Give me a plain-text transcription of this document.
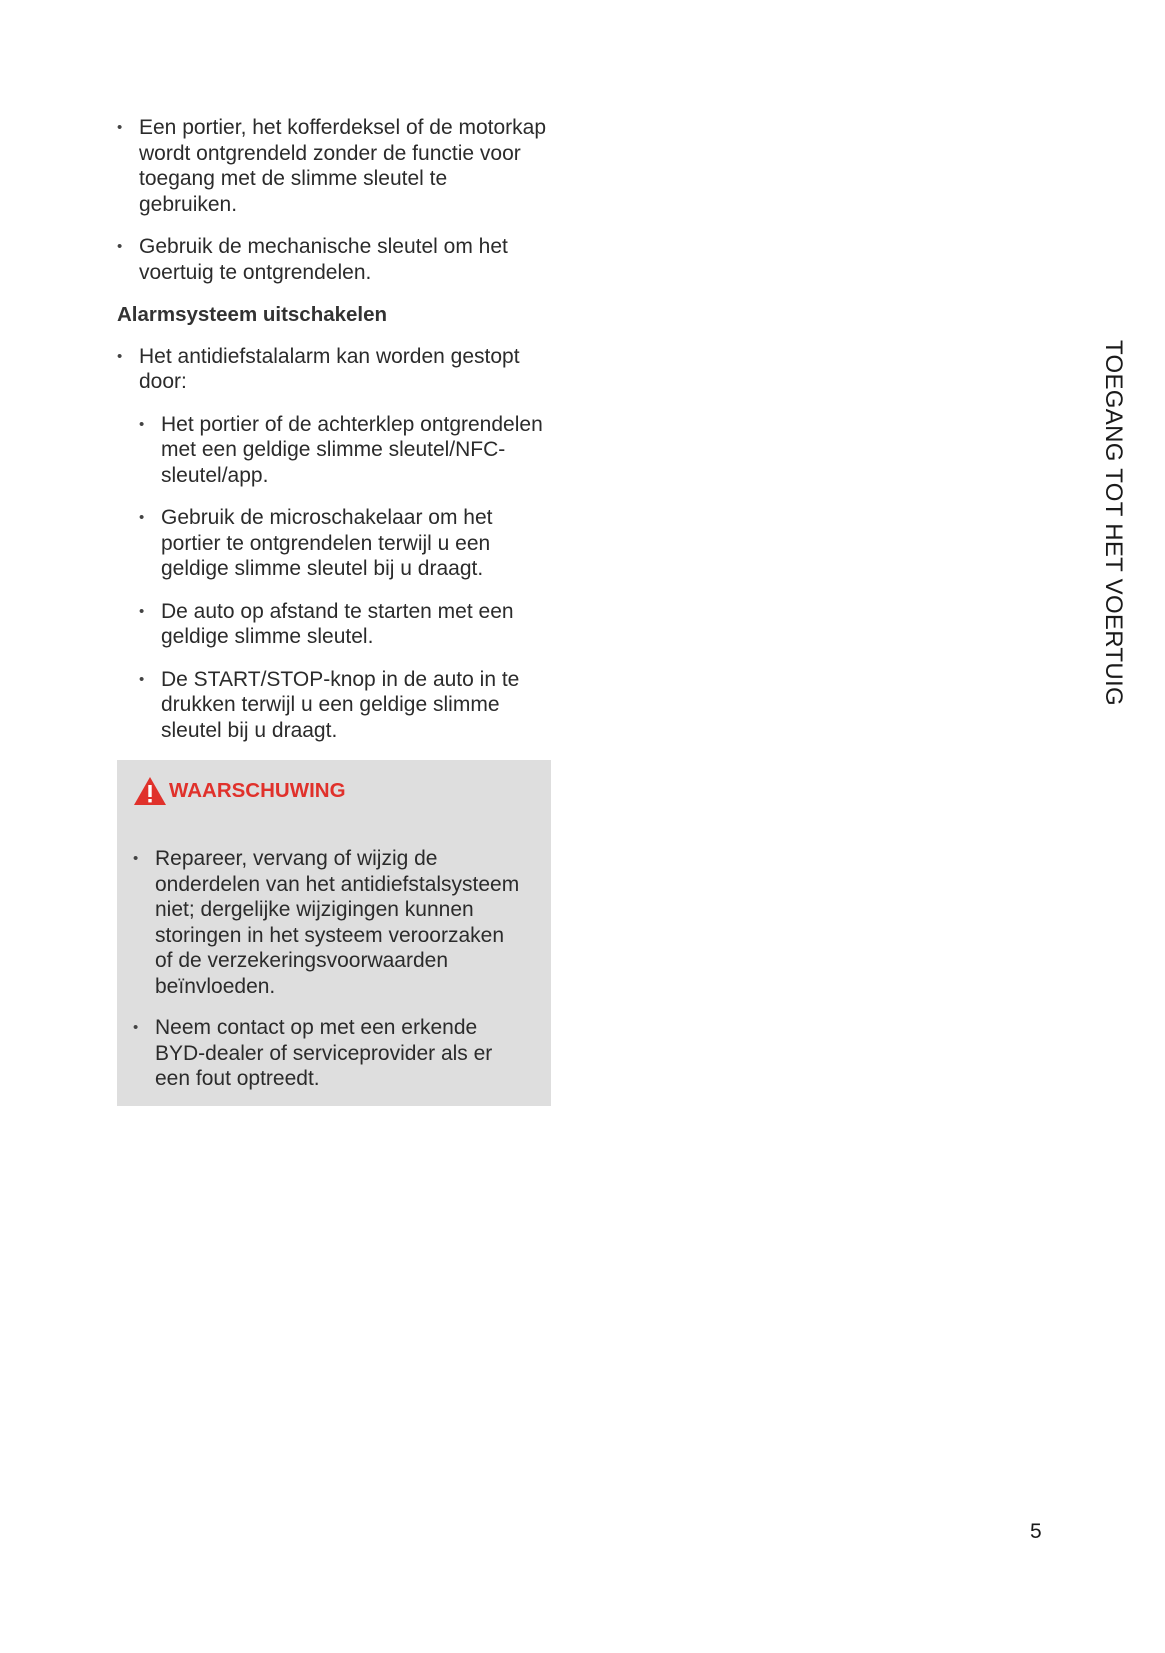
• Een portier, het kofferdeksel of de motorkap wordt ontgrendeld zonder de functie voor toegang met de slimme sleutel te gebruiken.
• Gebruik de mechanische sleutel om het voertuig te ontgrendelen.
Alarmsysteem uitschakelen
• Het antidiefstalalarm kan worden gestopt door:
• Het portier of de achterklep ontgrendelen met een geldige slimme sleutel/NFC-sleutel/app.
• Gebruik de microschakelaar om het portier te ontgrendelen terwijl u een geldige slimme sleutel bij u draagt.
• De auto op afstand te starten met een geldige slimme sleutel.
• De START/STOP-knop in de auto in te drukken terwijl u een geldige slimme sleutel bij u draagt.
WAARSCHUWING
• Repareer, vervang of wijzig de onderdelen van het antidiefstalsysteem niet; dergelijke wijzigingen kunnen storingen in het systeem veroorzaken of de verzekeringsvoorwaarden beïnvloeden.
• Neem contact op met een erkende BYD-dealer of serviceprovider als er een fout optreedt.
TOEGANG TOT HET VOERTUIG
5
